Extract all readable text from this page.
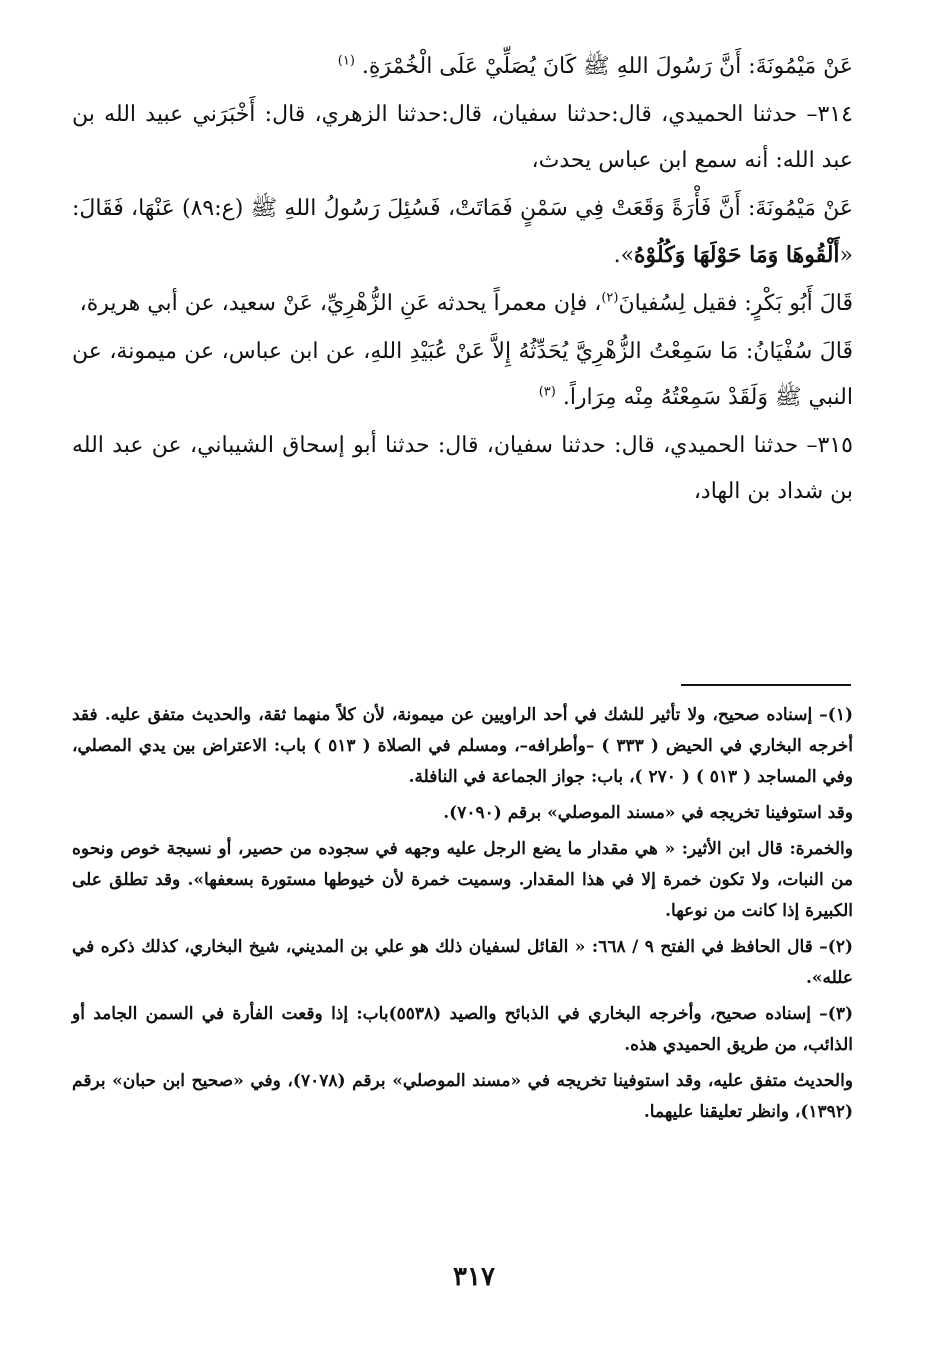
عَنْ مَيْمُونَةَ: أَنَّ رَسُولَ اللهِ ﷺ كَانَ يُصَلِّيْ عَلَى الْخُمْرَةِ. $^{(١)}$

٣١٤– حدثنا الحميدي، قال:حدثنا سفيان، قال:حدثنا الزهري، قال: أَخْبَرَني عبيد الله بن عبد الله: أنه سمع ابن عباس يحدث،

عَنْ مَيْمُونَةَ: أَنَّ فَأْرَةً وَقَعَتْ فِي سَمْنٍ فَمَاتَتْ، فَسُئِلَ رَسُولُ اللهِ ﷺ (ع:٨٩) عَنْهَا، فَقَالَ: «أَلْقُوهَا وَمَا حَوْلَهَا وَكُلُوْهُ».

قَالَ أَبُو بَكْرٍ: فقيل لِسُفيانَ$^{(٢)}$، فإن معمراً يحدثه عَنِ الزُّهْرِيِّ، عَنْ سعيد، عن أبي هريرة،

قَالَ سُفْيَانُ: مَا سَمِعْتُ الزُّهْرِيَّ يُحَدِّثُهُ إِلاَّ عَنْ عُبَيْدِ اللهِ، عن ابن عباس، عن ميمونة، عن النبي ﷺ وَلَقَدْ سَمِعْتُهُ مِنْه مِرَاراً. $^{(٣)}$

٣١٥– حدثنا الحميدي، قال: حدثنا سفيان، قال: حدثنا أبو إسحاق الشيباني، عن عبد الله بن شداد بن الهاد،

(١)– إسناده صحيح، ولا تأثير للشك في أحد الراويين عن ميمونة، لأن كلاً منهما ثقة، والحديث متفق عليه. فقد أخرجه البخاري في الحيض ( ٣٣٣ ) –وأطرافه–، ومسلم في الصلاة ( ٥١٣ ) باب: الاعتراض بين يدي المصلي، وفي المساجد ( ٥١٣ ) ( ٢٧٠ )، باب: جواز الجماعة في النافلة.

وقد استوفينا تخريجه في «مسند الموصلي» برقم (٧٠٩٠).

والخمرة: قال ابن الأثير: « هي مقدار ما يضع الرجل عليه وجهه في سجوده من حصير، أو نسيجة خوص ونحوه من النبات، ولا تكون خمرة إلا في هذا المقدار. وسميت خمرة لأن خيوطها مستورة بسعفها». وقد تطلق على الكبيرة إذا كانت من نوعها.

(٢)– قال الحافظ في الفتح ٩ / ٦٦٨: « القائل لسفيان ذلك هو علي بن المديني، شيخ البخاري، كذلك ذكره في علله».

(٣)– إسناده صحيح، وأخرجه البخاري في الذبائح والصيد (٥٥٣٨)باب: إذا وقعت الفأرة في السمن الجامد أو الذائب، من طريق الحميدي هذه.

والحديث متفق عليه، وقد استوفينا تخريجه في «مسند الموصلي» برقم (٧٠٧٨)، وفي «صحيح ابن حبان» برقم (١٣٩٢)، وانظر تعليقنا عليهما.

٣١٧
